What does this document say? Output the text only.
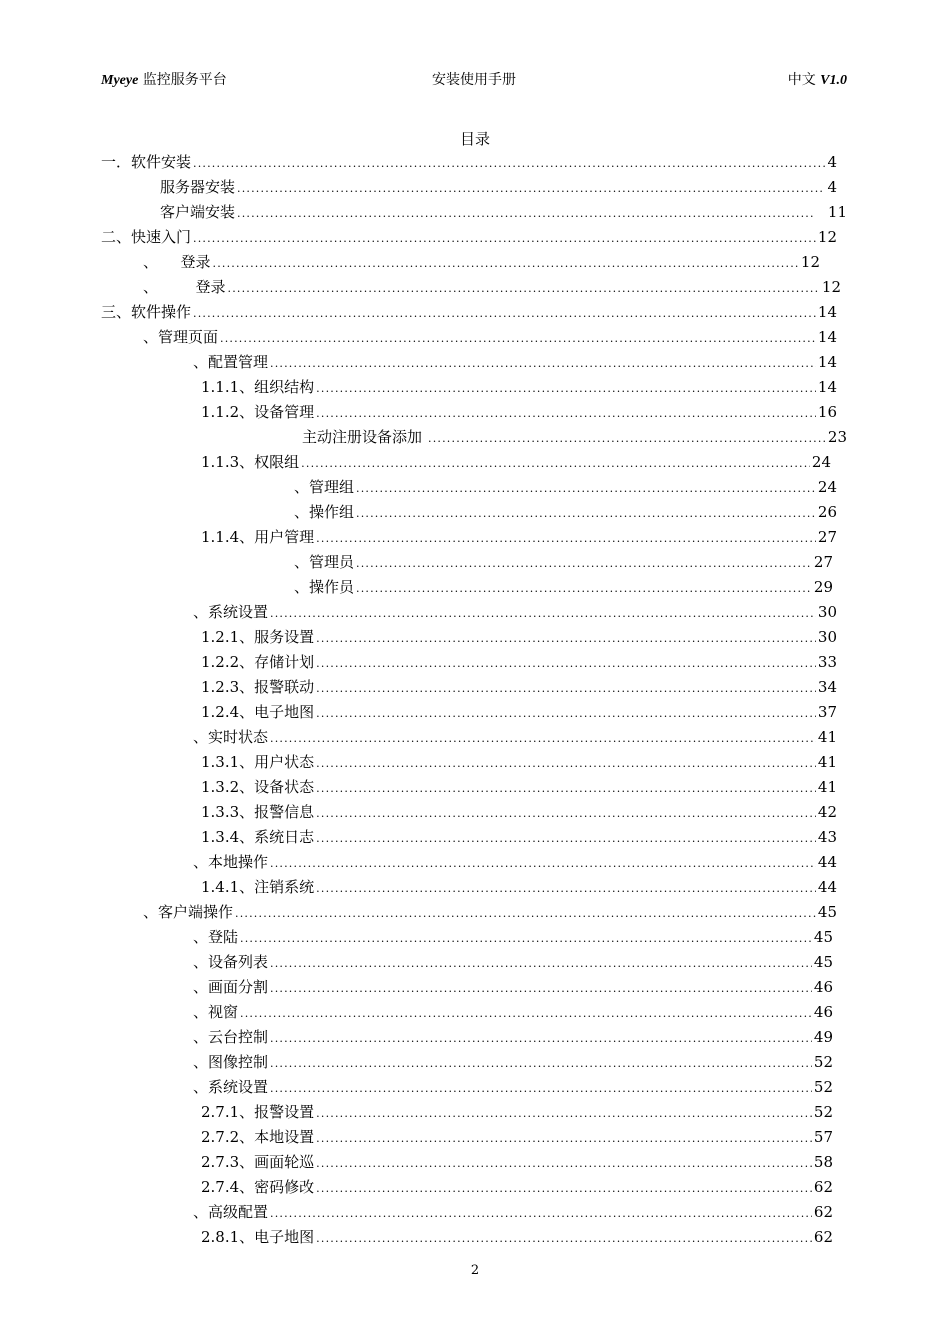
Myeye 监控服务平台	安装使用手册	中文 V1.0
目录
一．软件安装 .....	4
服务器安装 .....	4
客户端安装 .....	11
二、快速入门 .....	12
、　　登录 .....	12
、　　　登录 .....	12
三、软件操作 .....	14
、管理页面 .....	14
、配置管理 .....	14
1.1.1、组织结构 .....	14
1.1.2、设备管理 .....	16
主动注册设备添加 .....	23
1.1.3、权限组 .....	24
、管理组 .....	24
、操作组 .....	26
1.1.4、用户管理 .....	27
、管理员 .....	27
、操作员 .....	29
、系统设置 .....	30
1.2.1、服务设置 .....	30
1.2.2、存储计划 .....	33
1.2.3、报警联动 .....	34
1.2.4、电子地图 .....	37
、实时状态 .....	41
1.3.1、用户状态 .....	41
1.3.2、设备状态 .....	41
1.3.3、报警信息 .....	42
1.3.4、系统日志 .....	43
、本地操作 .....	44
1.4.1、注销系统 .....	44
、客户端操作 .....	45
、登陆 .....	45
、设备列表 .....	45
、画面分割 .....	46
、视窗 .....	46
、云台控制 .....	49
、图像控制 .....	52
、系统设置 .....	52
2.7.1、报警设置 .....	52
2.7.2、本地设置 .....	57
2.7.3、画面轮巡 .....	58
2.7.4、密码修改 .....	62
、高级配置 .....	62
2.8.1、电子地图 .....	62
2
